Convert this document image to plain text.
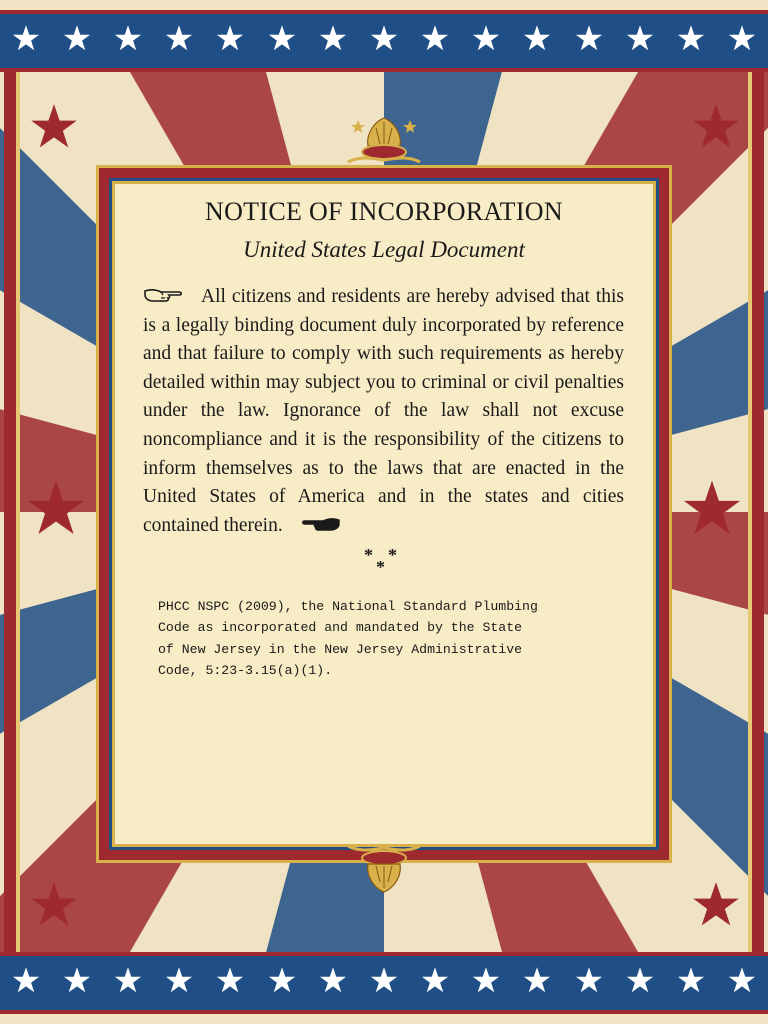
NOTICE OF INCORPORATION
United States Legal Document
All citizens and residents are hereby advised that this is a legally binding document duly incorporated by reference and that failure to comply with such requirements as hereby detailed within may subject you to criminal or civil penalties under the law. Ignorance of the law shall not excuse noncompliance and it is the responsibility of the citizens to inform themselves as to the laws that are enacted in the United States of America and in the states and cities contained therein.
* *
*
PHCC NSPC (2009), the National Standard Plumbing
Code as incorporated and mandated by the State
of New Jersey in the New Jersey Administrative
Code, 5:23-3.15(a)(1).
